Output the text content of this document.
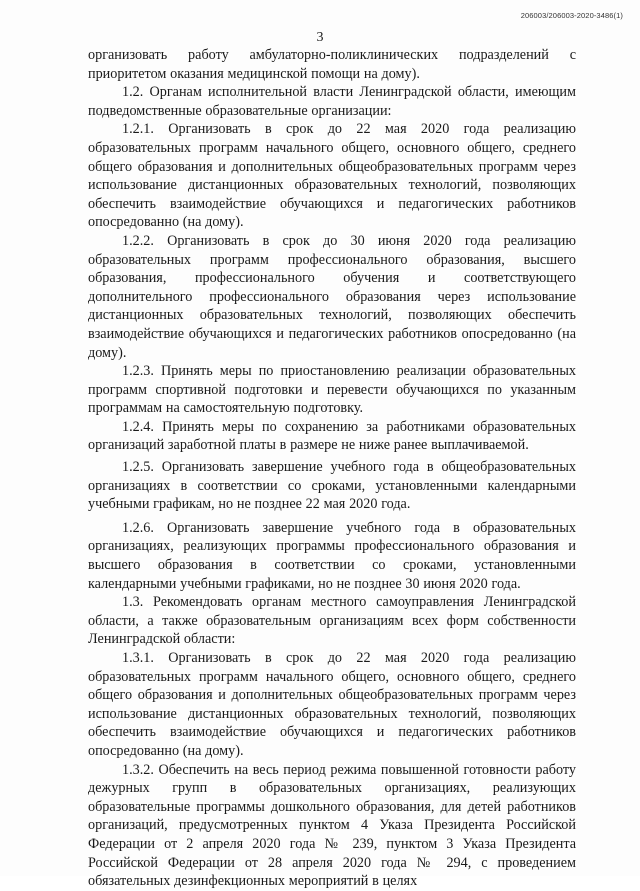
206003/206003-2020-3486(1)
3

организовать работу амбулаторно-поликлинических подразделений с приоритетом оказания медицинской помощи на дому).

1.2. Органам исполнительной власти Ленинградской области, имеющим подведомственные образовательные организации:

1.2.1. Организовать в срок до 22 мая 2020 года реализацию образовательных программ начального общего, основного общего, среднего общего образования и дополнительных общеобразовательных программ через использование дистанционных образовательных технологий, позволяющих обеспечить взаимодействие обучающихся и педагогических работников опосредованно (на дому).

1.2.2. Организовать в срок до 30 июня 2020 года реализацию образовательных программ профессионального образования, высшего образования, профессионального обучения и соответствующего дополнительного профессионального образования через использование дистанционных образовательных технологий, позволяющих обеспечить взаимодействие обучающихся и педагогических работников опосредованно (на дому).

1.2.3. Принять меры по приостановлению реализации образовательных программ спортивной подготовки и перевести обучающихся по указанным программам на самостоятельную подготовку.

1.2.4. Принять меры по сохранению за работниками образовательных организаций заработной платы в размере не ниже ранее выплачиваемой.

1.2.5. Организовать завершение учебного года в общеобразовательных организациях в соответствии со сроками, установленными календарными учебными графикам, но не позднее 22 мая 2020 года.

1.2.6. Организовать завершение учебного года в образовательных организациях, реализующих программы профессионального образования и высшего образования в соответствии со сроками, установленными календарными учебными графиками, но не позднее 30 июня 2020 года.

1.3. Рекомендовать органам местного самоуправления Ленинградской области, а также образовательным организациям всех форм собственности Ленинградской области:

1.3.1. Организовать в срок до 22 мая 2020 года реализацию образовательных программ начального общего, основного общего, среднего общего образования и дополнительных общеобразовательных программ через использование дистанционных образовательных технологий, позволяющих обеспечить взаимодействие обучающихся и педагогических работников опосредованно (на дому).

1.3.2. Обеспечить на весь период режима повышенной готовности работу дежурных групп в образовательных организациях, реализующих образовательные программы дошкольного образования, для детей работников организаций, предусмотренных пунктом 4 Указа Президента Российской Федерации от 2 апреля 2020 года № 239, пунктом 3 Указа Президента Российской Федерации от 28 апреля 2020 года № 294, с проведением обязательных дезинфекционных мероприятий в целях
